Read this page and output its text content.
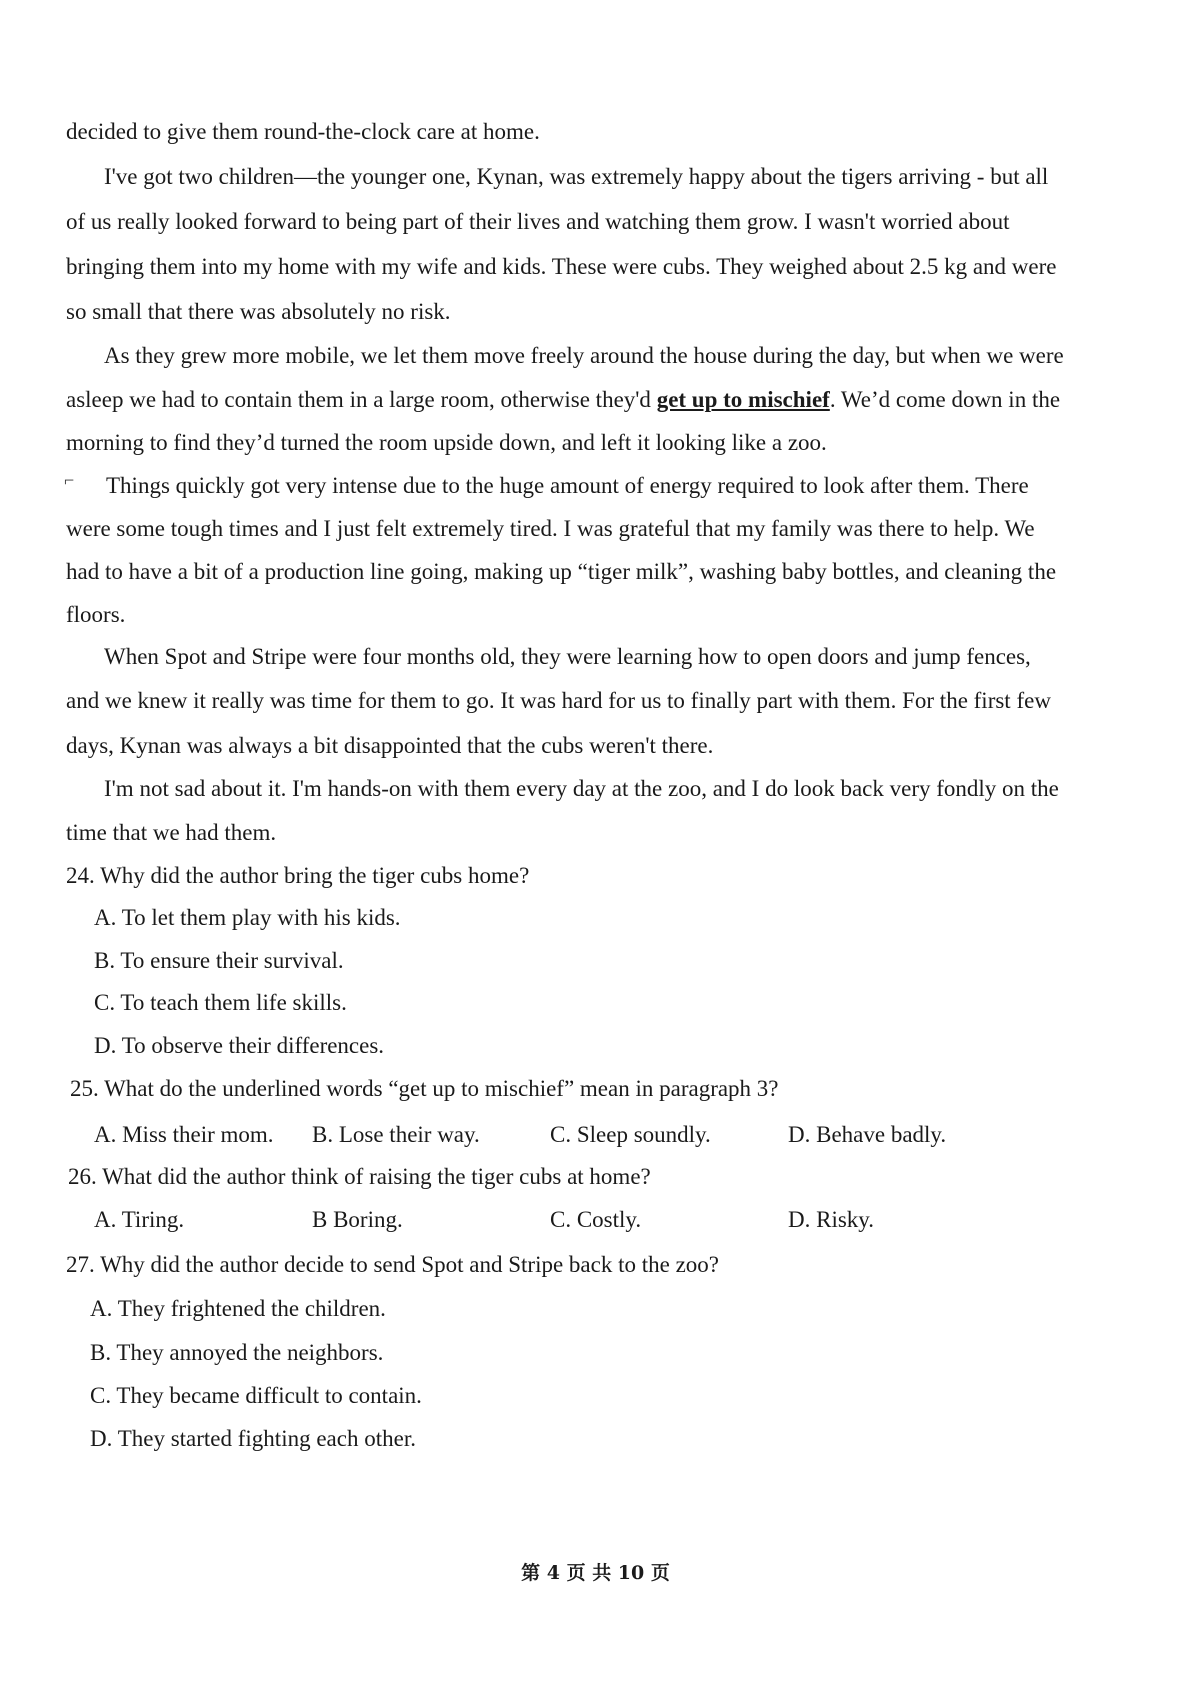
decided to give them round-the-clock care at home.
I've got two children—the younger one, Kynan, was extremely happy about the tigers arriving - but all
of us really looked forward to being part of their lives and watching them grow. I wasn't worried about
bringing them into my home with my wife and kids. These were cubs. They weighed about 2.5 kg and were
so small that there was absolutely no risk.
As they grew more mobile, we let them move freely around the house during the day, but when we were
asleep we had to contain them in a large room, otherwise they'd get up to mischief. We’d come down in the
morning to find they’d turned the room upside down, and left it looking like a zoo.
⌐ Things quickly got very intense due to the huge amount of energy required to look after them. There
were some tough times and I just felt extremely tired. I was grateful that my family was there to help. We
had to have a bit of a production line going, making up “tiger milk”, washing baby bottles, and cleaning the
floors.
When Spot and Stripe were four months old, they were learning how to open doors and jump fences,
and we knew it really was time for them to go. It was hard for us to finally part with them. For the first few
days, Kynan was always a bit disappointed that the cubs weren't there.
I'm not sad about it. I'm hands-on with them every day at the zoo, and I do look back very fondly on the
time that we had them.
24. Why did the author bring the tiger cubs home?
A. To let them play with his kids.
B. To ensure their survival.
C. To teach them life skills.
D. To observe their differences.
25. What do the underlined words “get up to mischief” mean in paragraph 3?
A. Miss their mom. B. Lose their way.	C. Sleep soundly.	D. Behave badly.
26. What did the author think of raising the tiger cubs at home?
A. Tiring.	B Boring.	C. Costly.	D. Risky.
27. Why did the author decide to send Spot and Stripe back to the zoo?
A. They frightened the children.
B. They annoyed the neighbors.
C. They became difficult to contain.
D. They started fighting each other.
第 4 页 共 10 页
